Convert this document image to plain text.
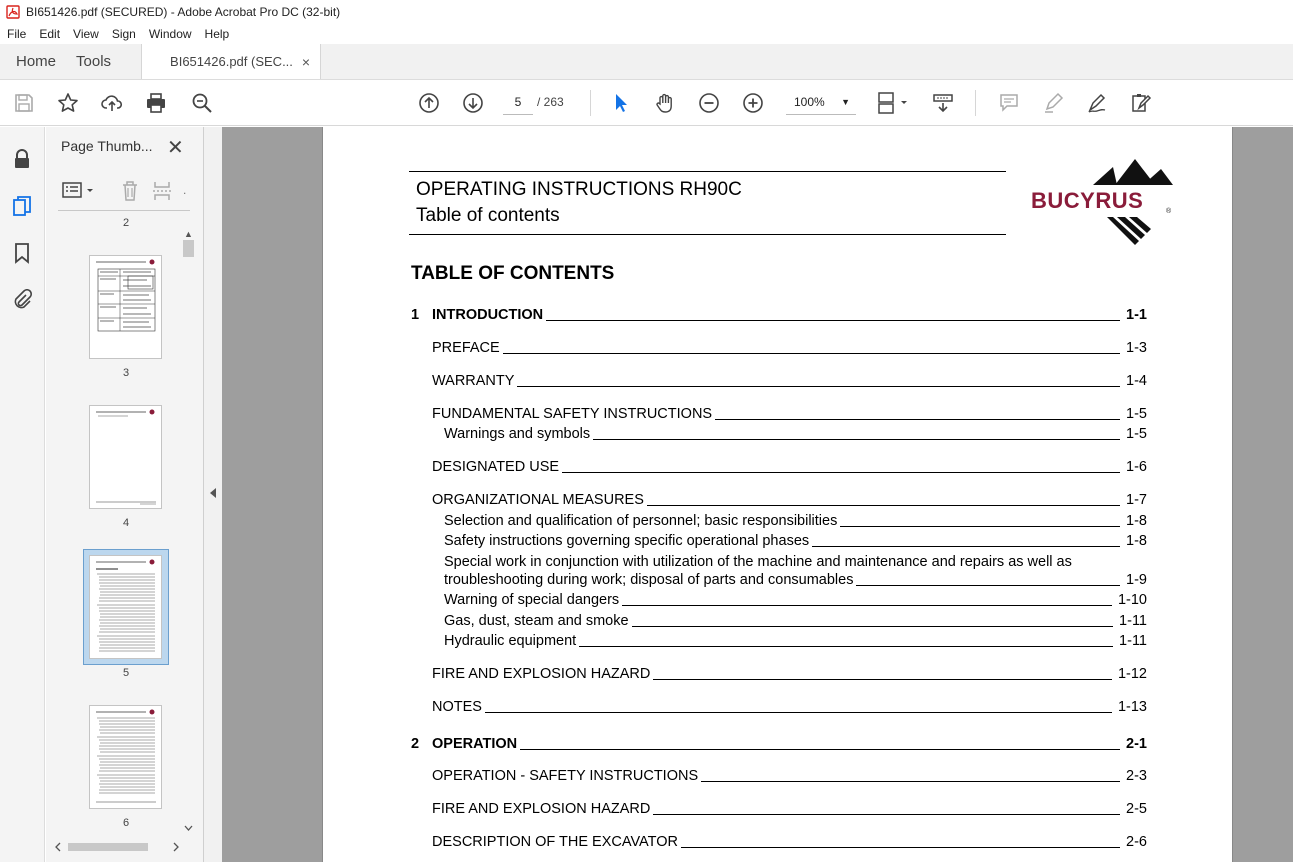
BI651426.pdf (SECURED) - Adobe Acrobat Pro DC (32-bit)
File	Edit	View	Sign	Window	Help
Home	Tools	BI651426.pdf (SEC... ×
5	/ 263	100% ▼
Page Thumb... ✕
.
2
3
4
5
6
▲
OPERATING INSTRUCTIONS RH90C
Table of contents
BUCYRUS	®
TABLE OF CONTENTS
1 INTRODUCTION	1-1
PREFACE	1-3
WARRANTY	1-4
FUNDAMENTAL SAFETY INSTRUCTIONS	1-5
Warnings and symbols	1-5
DESIGNATED USE	1-6
ORGANIZATIONAL MEASURES	1-7
Selection and qualification of personnel; basic responsibilities	1-8
Safety instructions governing specific operational phases	1-8
Special work in conjunction with utilization of the machine and maintenance and repairs as well as
troubleshooting during work; disposal of parts and consumables	1-9
Warning of special dangers	1-10
Gas, dust, steam and smoke	1-11
Hydraulic equipment	1-11
FIRE AND EXPLOSION HAZARD	1-12
NOTES	1-13
2 OPERATION	2-1
OPERATION - SAFETY INSTRUCTIONS	2-3
FIRE AND EXPLOSION HAZARD	2-5
DESCRIPTION OF THE EXCAVATOR	2-6
